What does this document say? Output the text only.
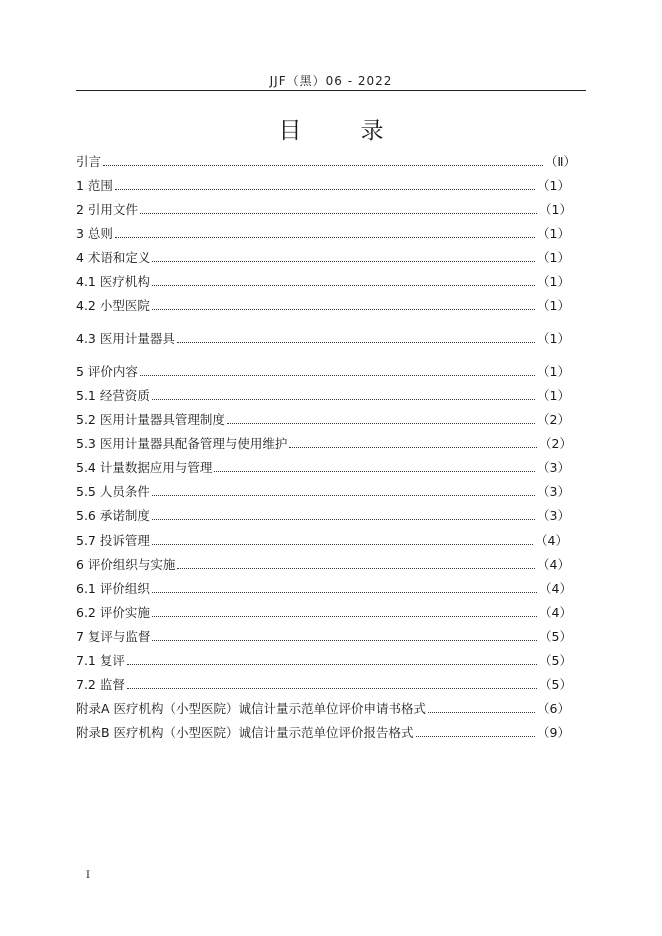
JJF（黑）06 - 2022
目　录
引言	（Ⅱ）
1 范围	（1）
2 引用文件	（1）
3 总则	（1）
4 术语和定义	（1）
4.1 医疗机构	（1）
4.2 小型医院	（1）
4.3 医用计量器具	（1）
5 评价内容	（1）
5.1 经营资质	（1）
5.2 医用计量器具管理制度	（2）
5.3 医用计量器具配备管理与使用维护	（2）
5.4 计量数据应用与管理	（3）
5.5 人员条件	（3）
5.6 承诺制度	（3）
5.7 投诉管理	（4）
6 评价组织与实施	（4）
6.1 评价组织	（4）
6.2 评价实施	（4）
7 复评与监督	（5）
7.1 复评	（5）
7.2 监督	（5）
附录A 医疗机构（小型医院）诚信计量示范单位评价申请书格式	（6）
附录B 医疗机构（小型医院）诚信计量示范单位评价报告格式	（9）
I
